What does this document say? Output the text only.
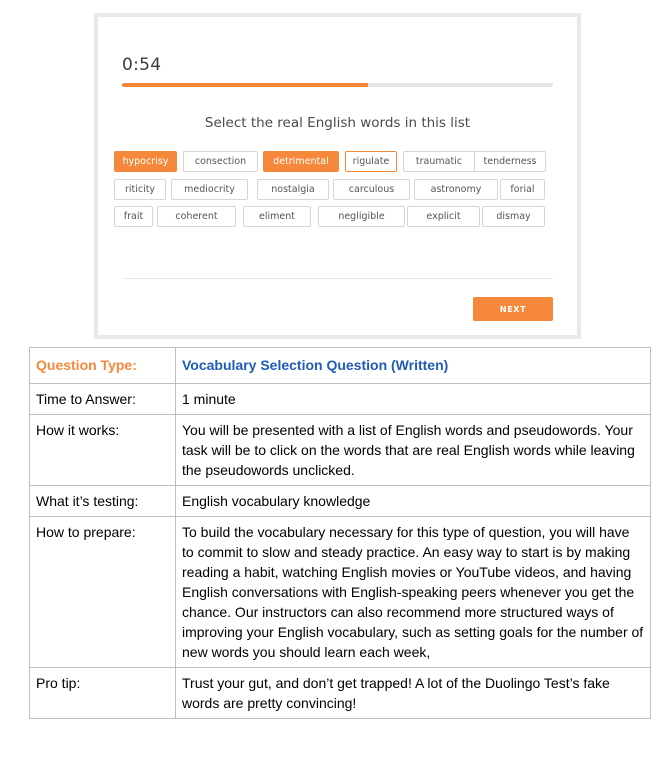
0:54
Select the real English words in this list
hypocrisy	consection	detrimental	rigulate	traumatic	tenderness
riticity	mediocrity	nostalgia	carculous	astronomy	forial
frait	coherent	eliment	negligible	explicit	dismay
NEXT
Question Type:	Vocabulary Selection Question (Written)
Time to Answer:	1 minute
How it works:	You will be presented with a list of English words and pseudowords. Your task will be to click on the words that are real English words while leaving the pseudowords unclicked.
What it’s testing:	English vocabulary knowledge
How to prepare:	To build the vocabulary necessary for this type of question, you will have to commit to slow and steady practice. An easy way to start is by making reading a habit, watching English movies or YouTube videos, and having English conversations with English-speaking peers whenever you get the chance. Our instructors can also recommend more structured ways of improving your English vocabulary, such as setting goals for the number of new words you should learn each week,
Pro tip:	Trust your gut, and don’t get trapped! A lot of the Duolingo Test’s fake words are pretty convincing!
